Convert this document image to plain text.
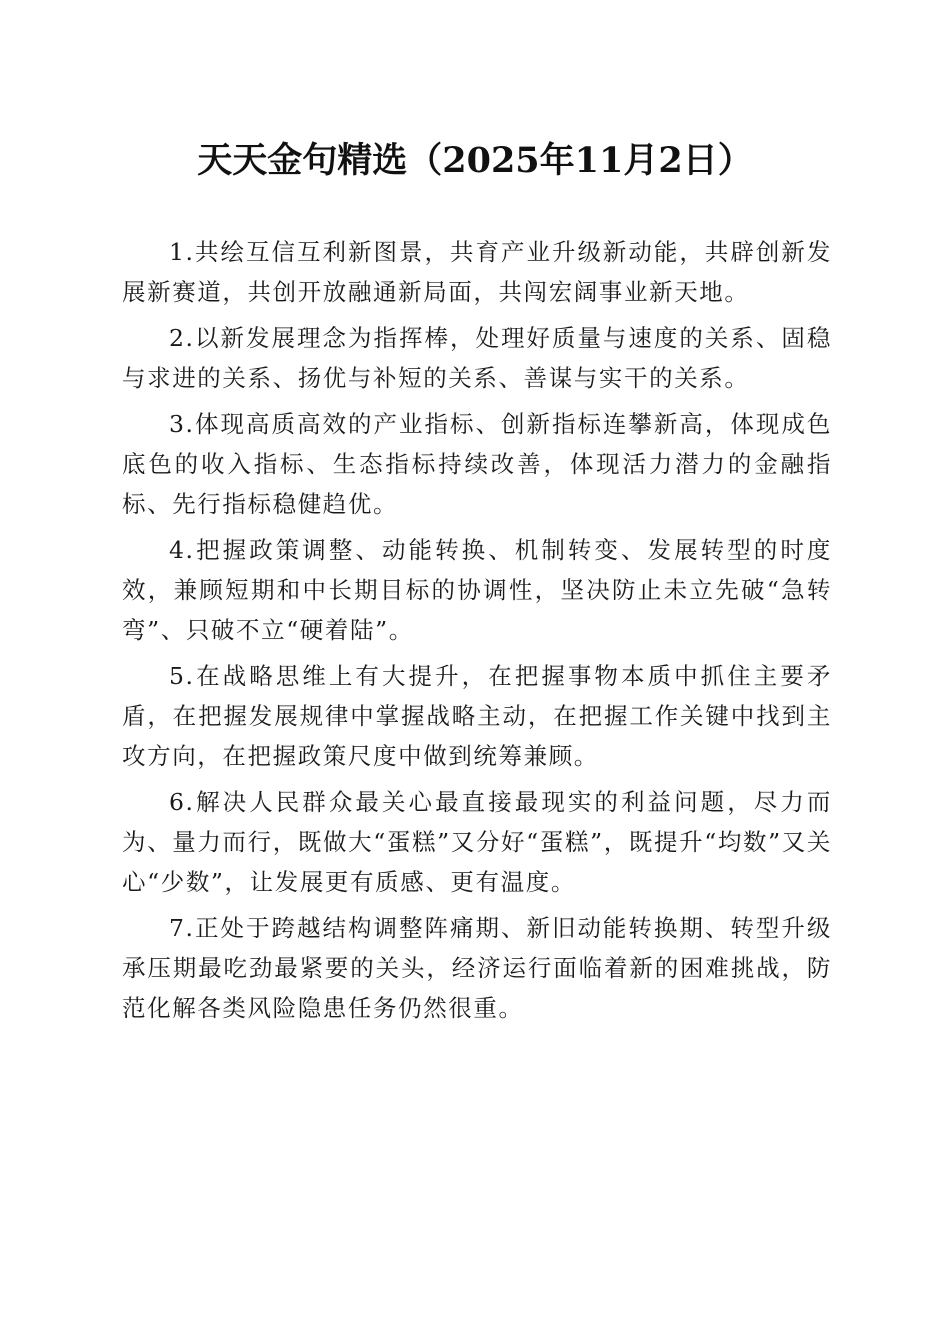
天天金句精选（2025年11月2日）

1.共绘互信互利新图景，共育产业升级新动能，共辟创新发展新赛道，共创开放融通新局面，共闯宏阔事业新天地。

2.以新发展理念为指挥棒，处理好质量与速度的关系、固稳与求进的关系、扬优与补短的关系、善谋与实干的关系。

3.体现高质高效的产业指标、创新指标连攀新高，体现成色底色的收入指标、生态指标持续改善，体现活力潜力的金融指标、先行指标稳健趋优。

4.把握政策调整、动能转换、机制转变、发展转型的时度效，兼顾短期和中长期目标的协调性，坚决防止未立先破“急转弯”、只破不立“硬着陆”。

5.在战略思维上有大提升，在把握事物本质中抓住主要矛盾，在把握发展规律中掌握战略主动，在把握工作关键中找到主攻方向，在把握政策尺度中做到统筹兼顾。

6.解决人民群众最关心最直接最现实的利益问题，尽力而为、量力而行，既做大“蛋糕”又分好“蛋糕”，既提升“均数”又关心“少数”，让发展更有质感、更有温度。

7.正处于跨越结构调整阵痛期、新旧动能转换期、转型升级承压期最吃劲最紧要的关头，经济运行面临着新的困难挑战，防范化解各类风险隐患任务仍然很重。
